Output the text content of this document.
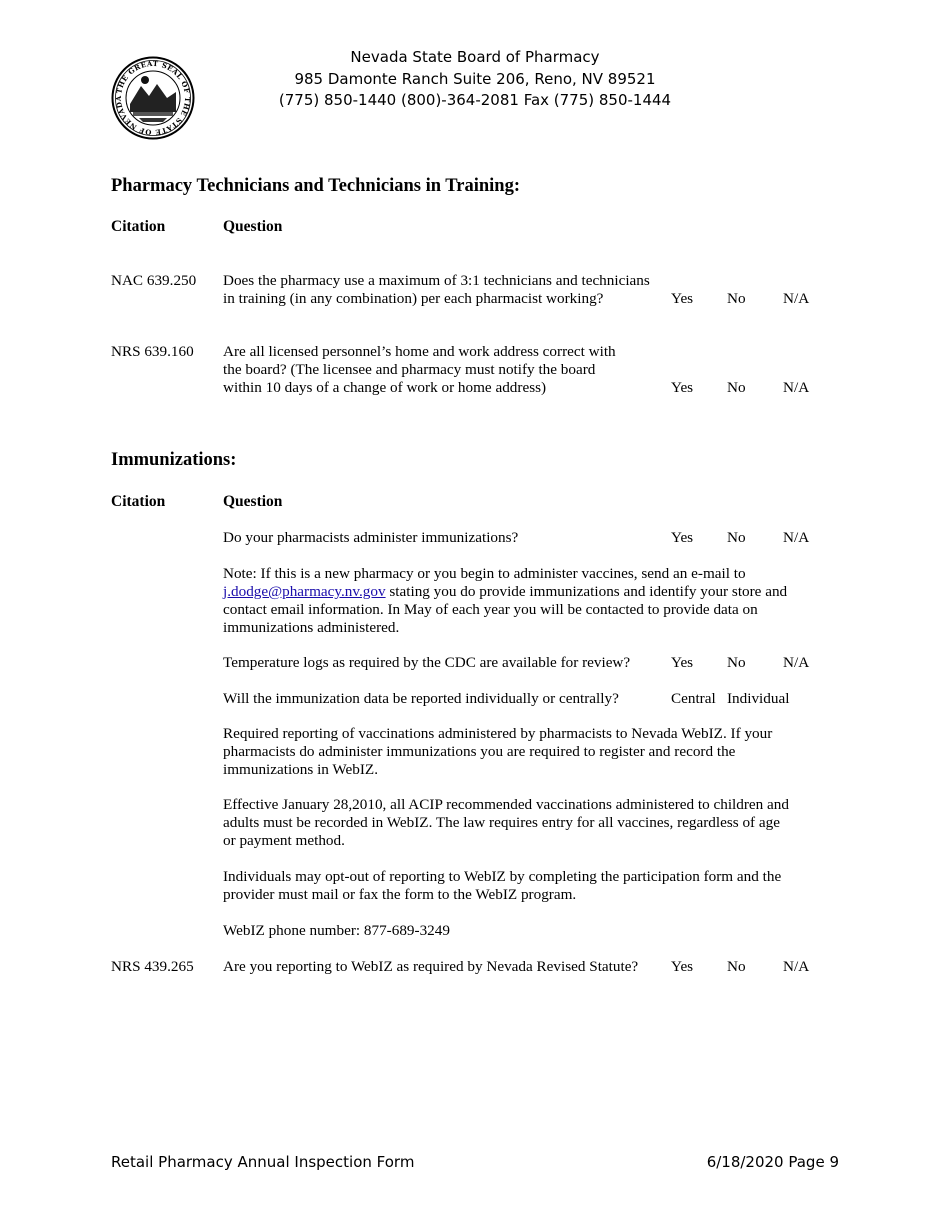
THE GREAT SEAL OF THE STATE OF NEVADA
Nevada State Board of Pharmacy
985 Damonte Ranch Suite 206, Reno, NV 89521
(775) 850-1440 (800)-364-2081 Fax (775) 850-1444
Pharmacy Technicians and Technicians in Training:
Citation	Question
NAC 639.250 Does the pharmacy use a maximum of 3:1 technicians and technicians
in training (in any combination) per each pharmacist working?	Yes No N/A
NRS 639.160 Are all licensed personnel’s home and work address correct with
the board? (The licensee and pharmacy must notify the board
within 10 days of a change of work or home address)	Yes No N/A
Immunizations:
Citation	Question
Do your pharmacists administer immunizations?	Yes No N/A
Note: If this is a new pharmacy or you begin to administer vaccines, send an e-mail to
j.dodge@pharmacy.nv.gov stating you do provide immunizations and identify your store and
contact email information. In May of each year you will be contacted to provide data on
immunizations administered.
Temperature logs as required by the CDC are available for review?	Yes No N/A
Will the immunization data be reported individually or centrally?	Central Individual
Required reporting of vaccinations administered by pharmacists to Nevada WebIZ. If your
pharmacists do administer immunizations you are required to register and record the
immunizations in WebIZ.
Effective January 28,2010, all ACIP recommended vaccinations administered to children and
adults must be recorded in WebIZ. The law requires entry for all vaccines, regardless of age
or payment method.
Individuals may opt-out of reporting to WebIZ by completing the participation form and the
provider must mail or fax the form to the WebIZ program.
WebIZ phone number: 877-689-3249
NRS 439.265 Are you reporting to WebIZ as required by Nevada Revised Statute? Yes No N/A
Retail Pharmacy Annual Inspection Form	6/18/2020 Page 9
